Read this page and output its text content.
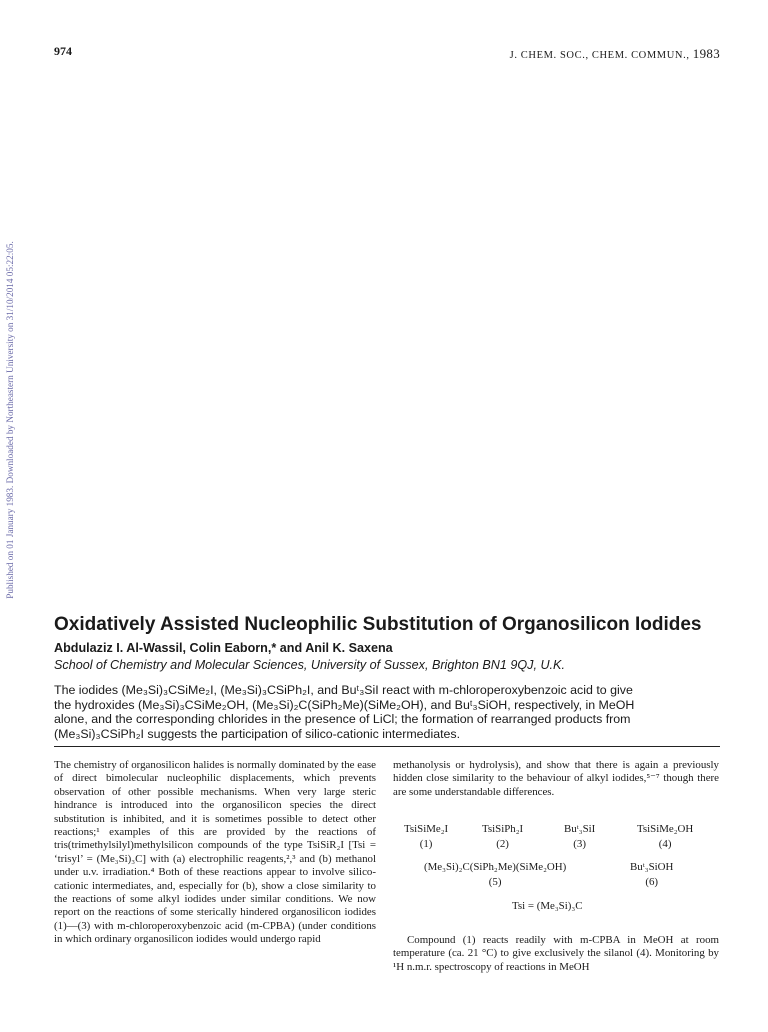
974	J. CHEM. SOC., CHEM. COMMUN., 1983
Published on 01 January 1983. Downloaded by Northeastern University on 31/10/2014 05:22:05.
Oxidatively Assisted Nucleophilic Substitution of Organosilicon Iodides
Abdulaziz I. Al-Wassil, Colin Eaborn,* and Anil K. Saxena
School of Chemistry and Molecular Sciences, University of Sussex, Brighton BN1 9QJ, U.K.
The iodides (Me₃Si)₃CSiMe₂I, (Me₃Si)₃CSiPh₂I, and Buᵗ₃SiI react with m-chloroperoxybenzoic acid to give
the hydroxides (Me₃Si)₃CSiMe₂OH, (Me₃Si)₂C(SiPh₂Me)(SiMe₂OH), and Buᵗ₃SiOH, respectively, in MeOH
alone, and the corresponding chlorides in the presence of LiCl; the formation of rearranged products from
(Me₃Si)₃CSiPh₂I suggests the participation of silico-cationic intermediates.

The chemistry of organosilicon halides is normally dominated by the ease of direct bimolecular nucleophilic displacements, which prevents observation of other possible mechanisms. When very large steric hindrance is introduced into the organosilicon species the direct substitution is inhibited, and it is sometimes possible to detect other reactions;¹ examples of this are provided by the reactions of tris(trimethylsilyl)methylsilicon compounds of the type TsiSiR₂I [Tsi = ‘trisyl’ = (Me₃Si)₃C] with (a) electrophilic reagents,²,³ and (b) methanol under u.v. irradiation.⁴ Both of these reactions appear to involve silico-cationic intermediates, and, especially for (b), show a close similarity to the reactions of some alkyl iodides under similar conditions. We now report on the reactions of some sterically hindered organosilicon iodides (1)—(3) with m-chloroperoxybenzoic acid (m-CPBA) (under conditions in which ordinary organosilicon iodides would undergo rapid

methanolysis or hydrolysis), and show that there is again a previously hidden close similarity to the behaviour of alkyl iodides,⁵⁻⁷ though there are some understandable differences.

TsiSiMe₂I
(1)
TsiSiPh₂I
(2)
Buᵗ₃SiI
(3)
TsiSiMe₂OH
(4)
(Me₃Si)₂C(SiPh₂Me)(SiMe₂OH)
(5)
Buᵗ₃SiOH
(6)
Tsi = (Me₃Si)₃C

Compound (1) reacts readily with m-CPBA in MeOH at room temperature (ca. 21 °C) to give exclusively the silanol (4). Monitoring by ¹H n.m.r. spectroscopy of reactions in MeOH
